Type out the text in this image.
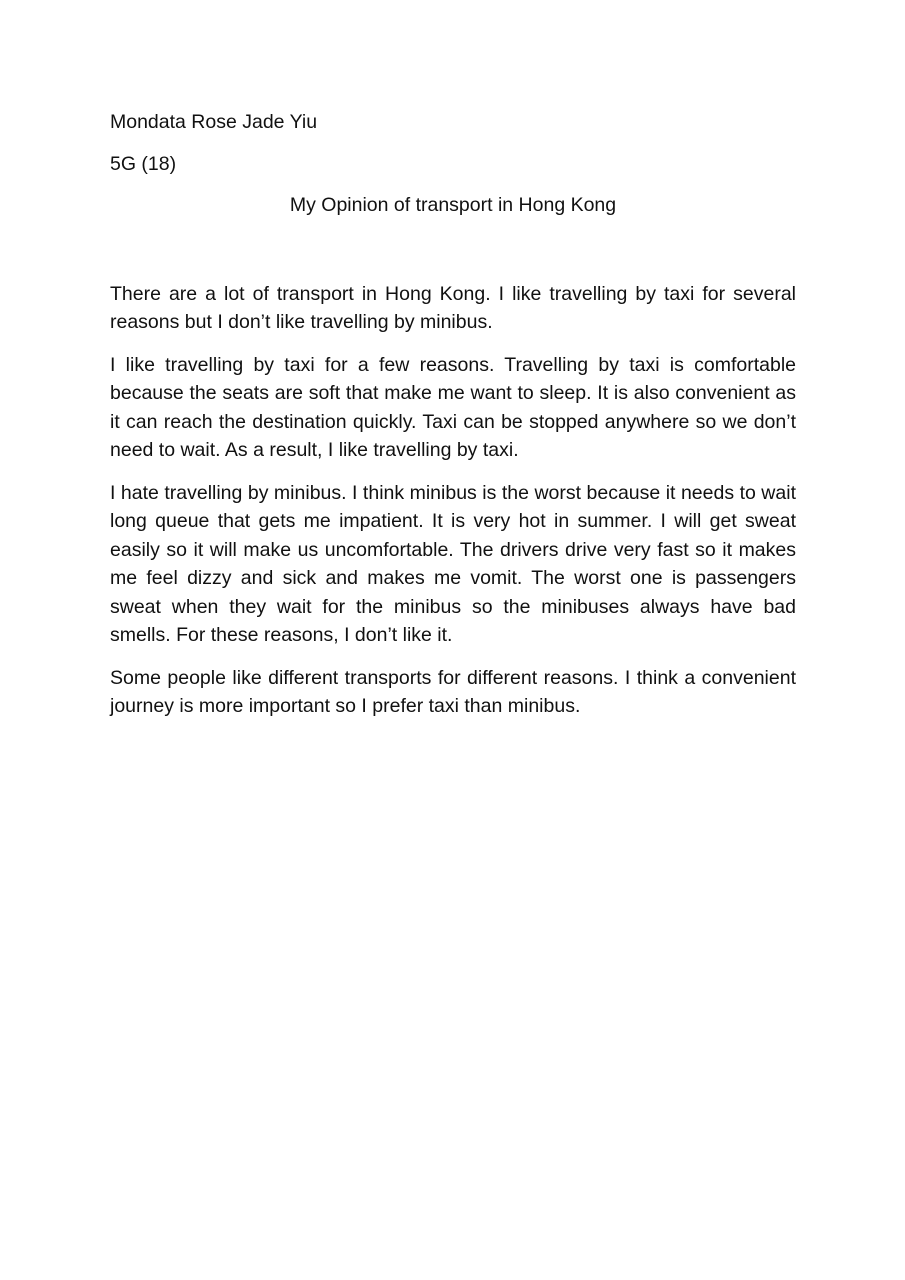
Mondata Rose Jade Yiu

5G (18)

My Opinion of transport in Hong Kong

There are a lot of transport in Hong Kong. I like travelling by taxi for several reasons but I don’t like travelling by minibus.

I like travelling by taxi for a few reasons. Travelling by taxi is comfortable because the seats are soft that make me want to sleep. It is also convenient as it can reach the destination quickly. Taxi can be stopped anywhere so we don’t need to wait. As a result, I like travelling by taxi.

I hate travelling by minibus. I think minibus is the worst because it needs to wait long queue that gets me impatient. It is very hot in summer. I will get sweat easily so it will make us uncomfortable. The drivers drive very fast so it makes me feel dizzy and sick and makes me vomit. The worst one is passengers sweat when they wait for the minibus so the minibuses always have bad smells. For these reasons, I don’t like it.

Some people like different transports for different reasons. I think a convenient journey is more important so I prefer taxi than minibus.
